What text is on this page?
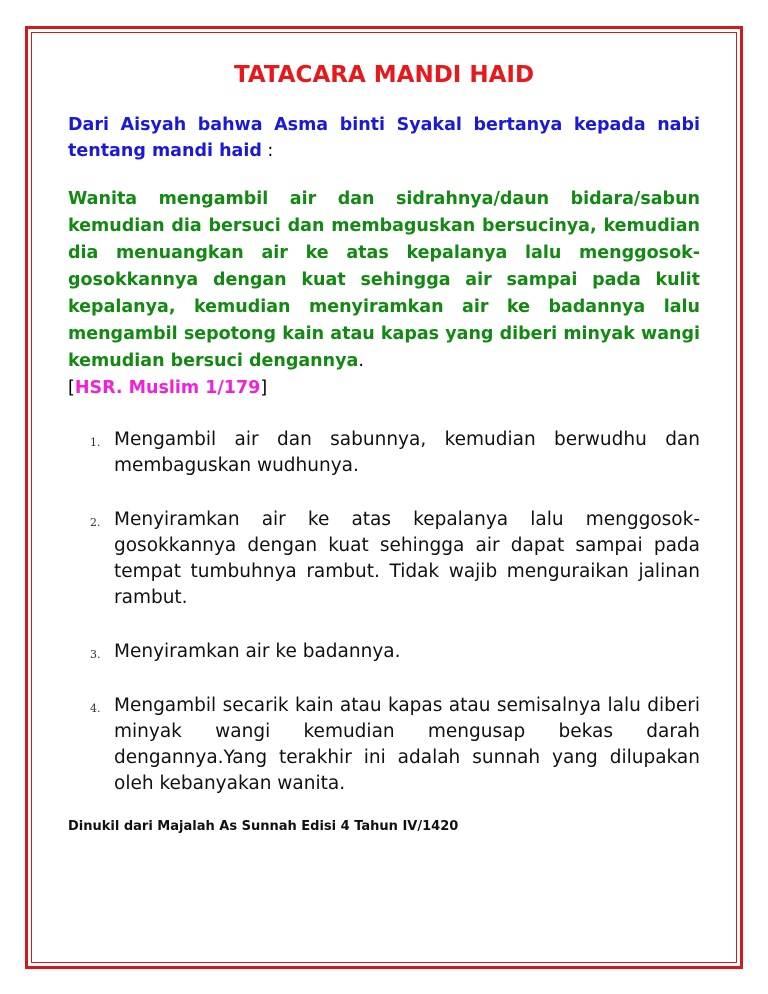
TATACARA MANDI HAID
Dari Aisyah bahwa Asma binti Syakal bertanya kepada nabi tentang mandi haid :
Wanita mengambil air dan sidrahnya/daun bidara/sabun kemudian dia bersuci dan membaguskan bersucinya, kemudian dia menuangkan air ke atas kepalanya lalu menggosok-gosokkannya dengan kuat sehingga air sampai pada kulit kepalanya, kemudian menyiramkan air ke badannya lalu mengambil sepotong kain atau kapas yang diberi minyak wangi kemudian bersuci dengannya.
[HSR. Muslim 1/179]
1. Mengambil air dan sabunnya, kemudian berwudhu dan membaguskan wudhunya.
2. Menyiramkan air ke atas kepalanya lalu menggosok-gosokkannya dengan kuat sehingga air dapat sampai pada tempat tumbuhnya rambut. Tidak wajib menguraikan jalinan rambut.
3. Menyiramkan air ke badannya.
4. Mengambil secarik kain atau kapas atau semisalnya lalu diberi minyak wangi kemudian mengusap bekas darah dengannya.Yang terakhir ini adalah sunnah yang dilupakan oleh kebanyakan wanita.
Dinukil dari Majalah As Sunnah Edisi 4 Tahun IV/1420
